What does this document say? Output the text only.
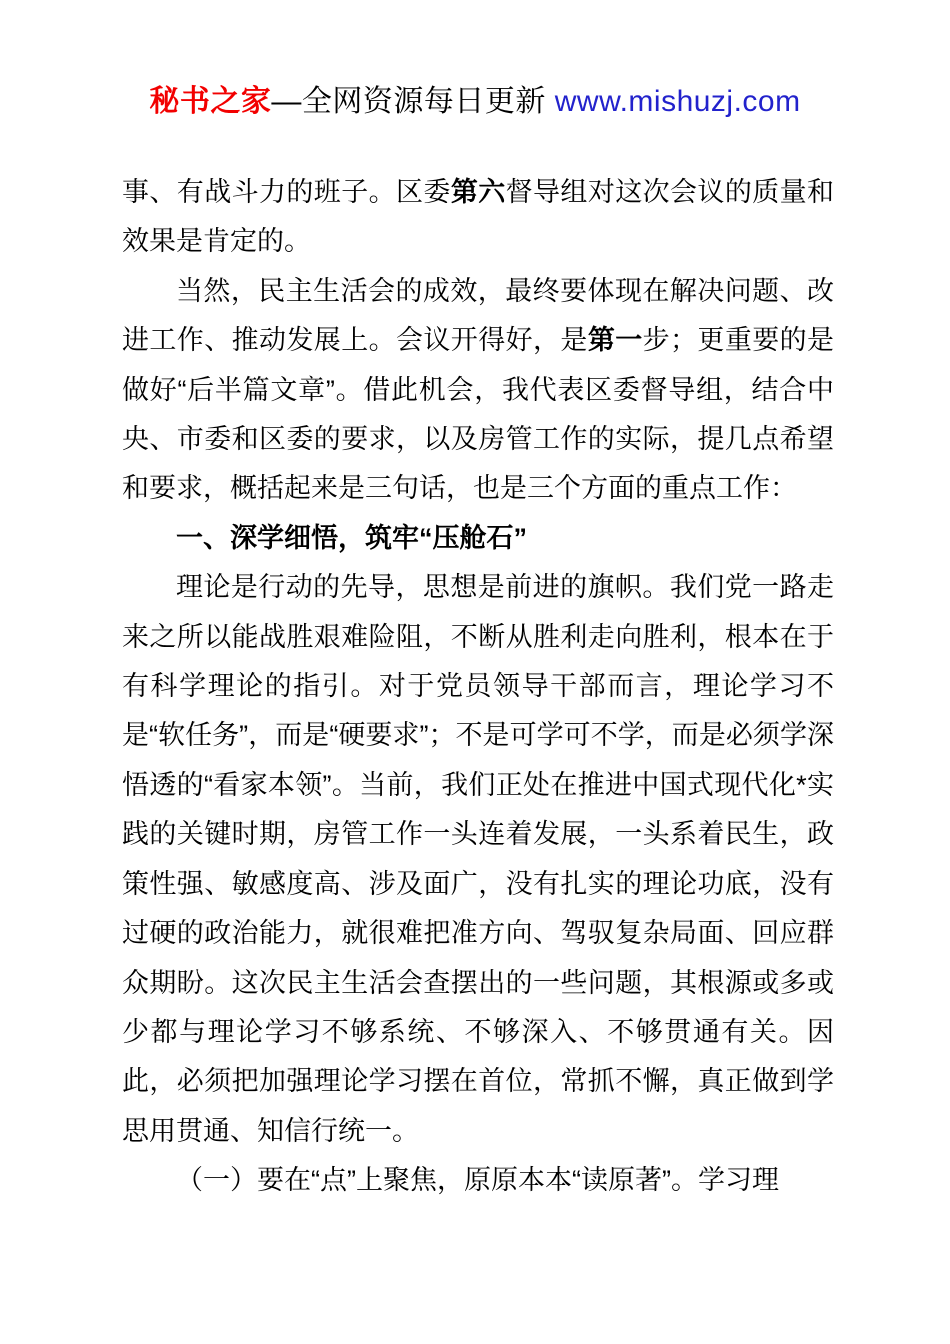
秘书之家—全网资源每日更新 www.mishuzj.com

事、有战斗力的班子。区委第六督导组对这次会议的质量和效果是肯定的。

当然，民主生活会的成效，最终要体现在解决问题、改进工作、推动发展上。会议开得好，是第一步；更重要的是做好“后半篇文章”。借此机会，我代表区委督导组，结合中央、市委和区委的要求，以及房管工作的实际，提几点希望和要求，概括起来是三句话，也是三个方面的重点工作：

一、深学细悟，筑牢“压舱石”

理论是行动的先导，思想是前进的旗帜。我们党一路走来之所以能战胜艰难险阻，不断从胜利走向胜利，根本在于有科学理论的指引。对于党员领导干部而言，理论学习不是“软任务”，而是“硬要求”；不是可学可不学，而是必须学深悟透的“看家本领”。当前，我们正处在推进中国式现代化*实践的关键时期，房管工作一头连着发展，一头系着民生，政策性强、敏感度高、涉及面广，没有扎实的理论功底，没有过硬的政治能力，就很难把准方向、驾驭复杂局面、回应群众期盼。这次民主生活会查摆出的一些问题，其根源或多或少都与理论学习不够系统、不够深入、不够贯通有关。因此，必须把加强理论学习摆在首位，常抓不懈，真正做到学思用贯通、知信行统一。

（一）要在“点”上聚焦，原原本本“读原著”。学习理
